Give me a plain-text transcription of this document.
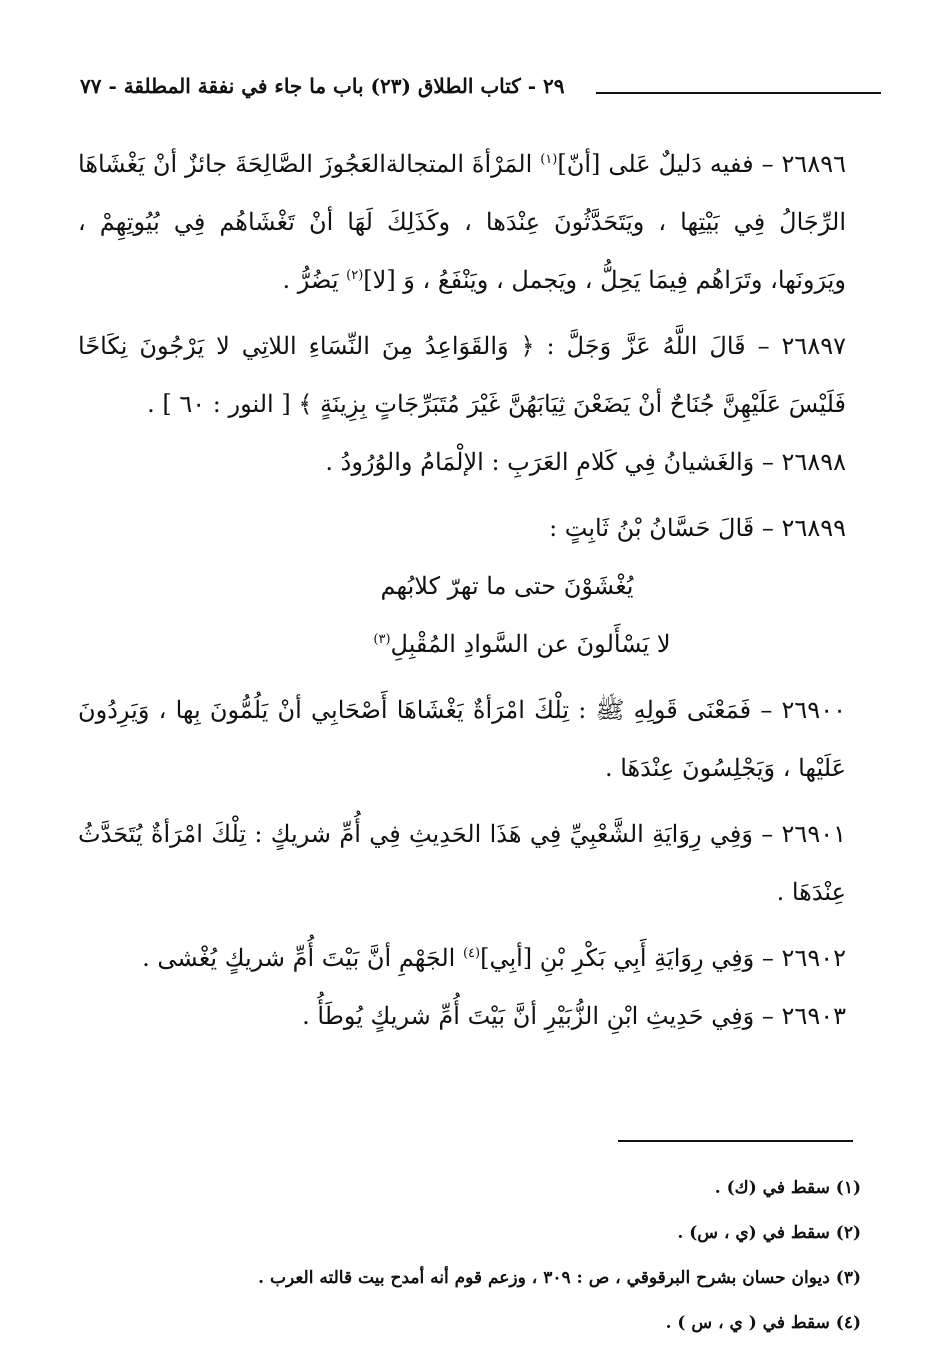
٢٩ - كتاب الطلاق (٢٣) باب ما جاء في نفقة المطلقة - ٧٧

٢٦٨٩٦ – ففيه دَليلٌ عَلى [أنّ]$^{(١)}$ المَرْأةَ المتجالةالعَجُوزَ الصَّالِحَةَ جائزٌ أنْ يَغْشَاهَا الرِّجَالُ فِي بَيْتِها ، ويَتَحَدَّثُونَ عِنْدَها ، وكَذَلِكَ لَهَا أنْ تَغْشَاهُم فِي بُيُوتِهِمْ ، ويَرَونَها، وتَرَاهُم فِيمَا يَحِلُّ ، ويَجمل ، ويَنْفَعُ ، وَ [لا]$^{(٢)}$ يَضُرُّ .

٢٦٨٩٧ – قَالَ اللَّهُ عَزَّ وَجَلَّ : ﴿ وَالقَوَاعِدُ مِنَ النِّسَاءِ اللاتِي لا يَرْجُونَ نِكَاحًا فَلَيْسَ عَلَيْهِنَّ جُنَاحٌ أنْ يَضَعْنَ ثِيَابَهُنَّ غَيْرَ مُتَبَرِّجَاتٍ بِزِينَةٍ ﴾ [ النور : ٦٠ ] .

٢٦٨٩٨ – وَالغَشيانُ فِي كَلامِ العَرَبِ : الإلْمَامُ والوُرُودُ .

٢٦٨٩٩ – قَالَ حَسَّانُ بْنُ ثَابِتٍ :

يُغْشَوْنَ حتى ما تهرّ كلابُهم

لا يَسْأَلونَ عن السَّوادِ المُقْبِلِ$^{(٣)}$

٢٦٩٠٠ – فَمَعْنَى قَولِهِ ﷺ : تِلْكَ امْرَأةٌ يَغْشَاهَا أَصْحَابِي أنْ يَلُمُّونَ بِها ، وَيَرِدُونَ عَلَيْها ، وَيَجْلِسُونَ عِنْدَهَا .

٢٦٩٠١ – وَفِي رِوَايَةِ الشَّعْبِيِّ فِي هَذَا الحَدِيثِ فِي أُمِّ شريكٍ : تِلْكَ امْرَأةٌ يُتَحَدَّثُ عِنْدَهَا .

٢٦٩٠٢ – وَفِي رِوَايَةِ أَبِي بَكْرِ بْنِ [أبِي]$^{(٤)}$ الجَهْمِ أنَّ بَيْتَ أُمِّ شريكٍ يُغْشى .

٢٦٩٠٣ – وَفِي حَدِيثِ ابْنِ الزُّبَيْرِ أنَّ بَيْتَ أُمِّ شريكٍ يُوطَأُ .

(١) سقط في (ك) .

(٢) سقط في (ي ، س) .

(٣) ديوان حسان بشرح البرقوقي ، ص : ٣٠٩ ، وزعم قوم أنه أمدح بيت قالته العرب .

(٤) سقط في ( ي ، س ) .
